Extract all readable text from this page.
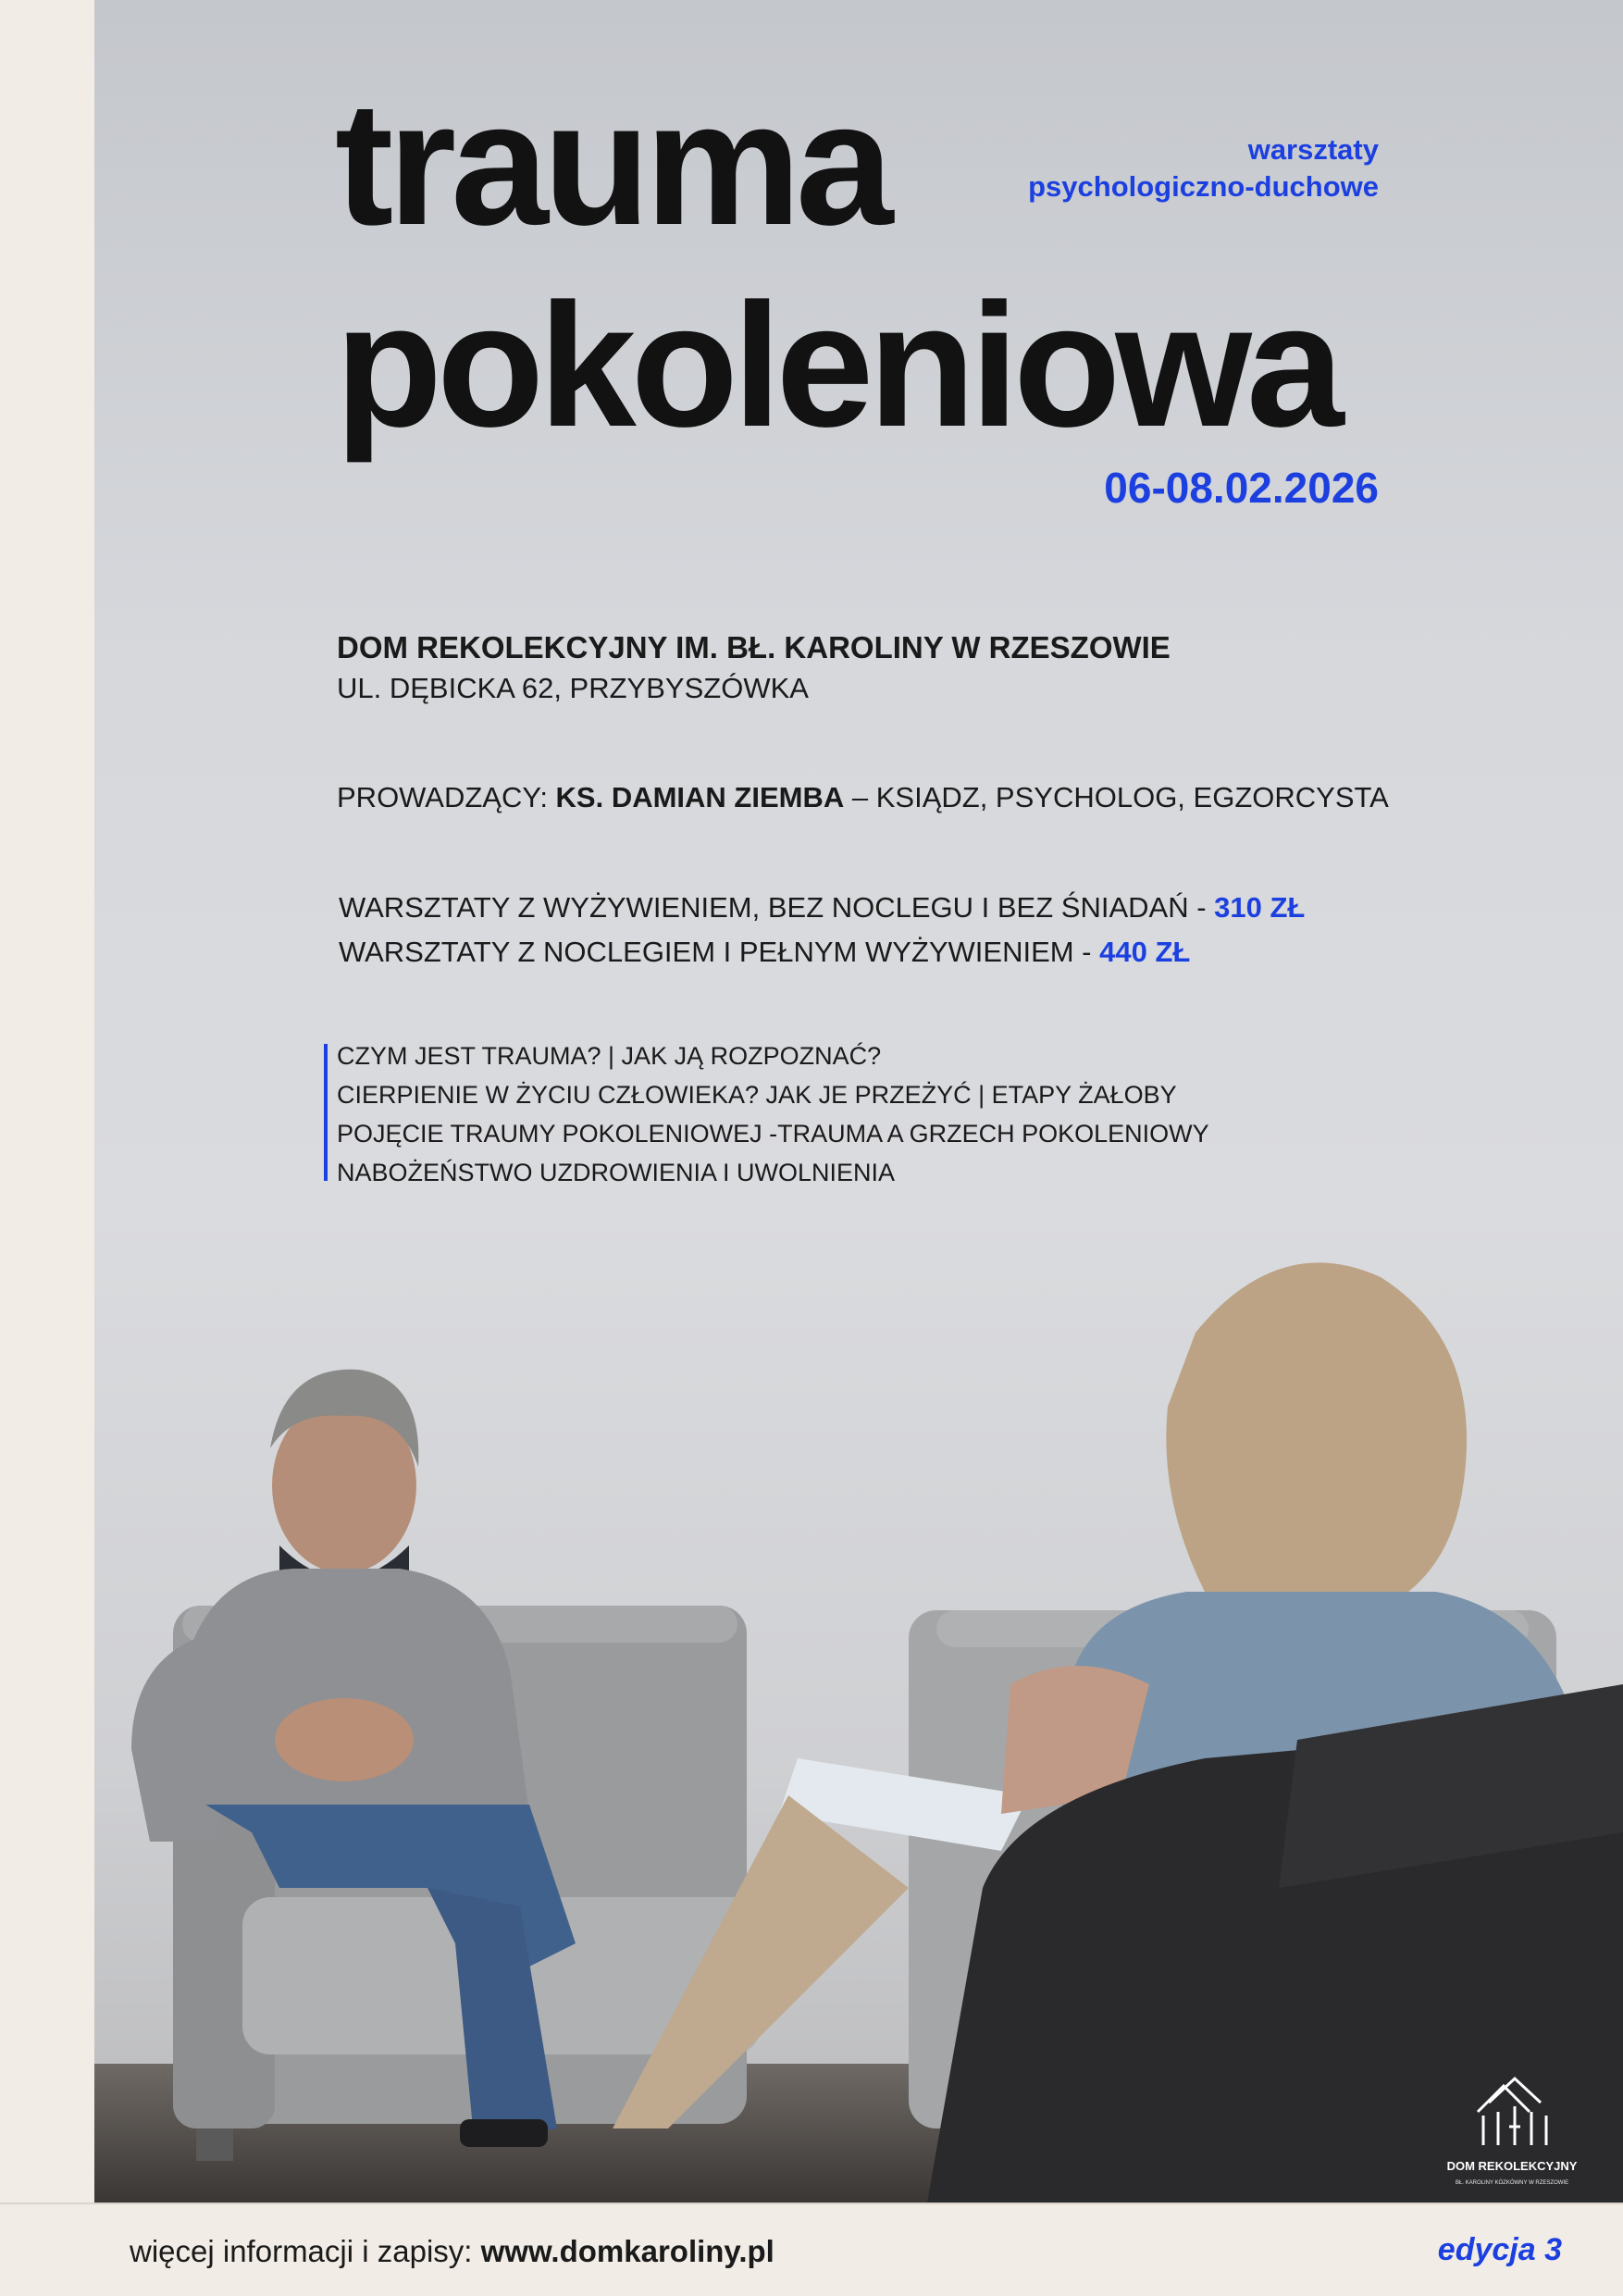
trauma
pokoleniowa
warsztaty
psychologiczno-duchowe
06-08.02.2026
DOM REKOLEKCYJNY IM. BŁ. KAROLINY W RZESZOWIE
UL. DĘBICKA 62, PRZYBYSZÓWKA
PROWADZĄCY: KS. DAMIAN ZIEMBA – KSIĄDZ, PSYCHOLOG, EGZORCYSTA
WARSZTATY Z WYŻYWIENIEM, BEZ NOCLEGU I BEZ ŚNIADAŃ - 310 ZŁ
WARSZTATY Z NOCLEGIEM I PEŁNYM WYŻYWIENIEM - 440 ZŁ
CZYM JEST TRAUMA? | JAK JĄ ROZPOZNAĆ?
CIERPIENIE W ŻYCIU CZŁOWIEKA? JAK JE PRZEŻYĆ | ETAPY ŻAŁOBY
POJĘCIE TRAUMY POKOLENIOWEJ -TRAUMA A GRZECH POKOLENIOWY
NABOŻEŃSTWO UZDROWIENIA I UWOLNIENIA
DOM REKOLEKCYJNY
BŁ. KAROLINY KÓZKÓWNY W RZESZOWIE
więcej informacji i zapisy: www.domkaroliny.pl	edycja 3
